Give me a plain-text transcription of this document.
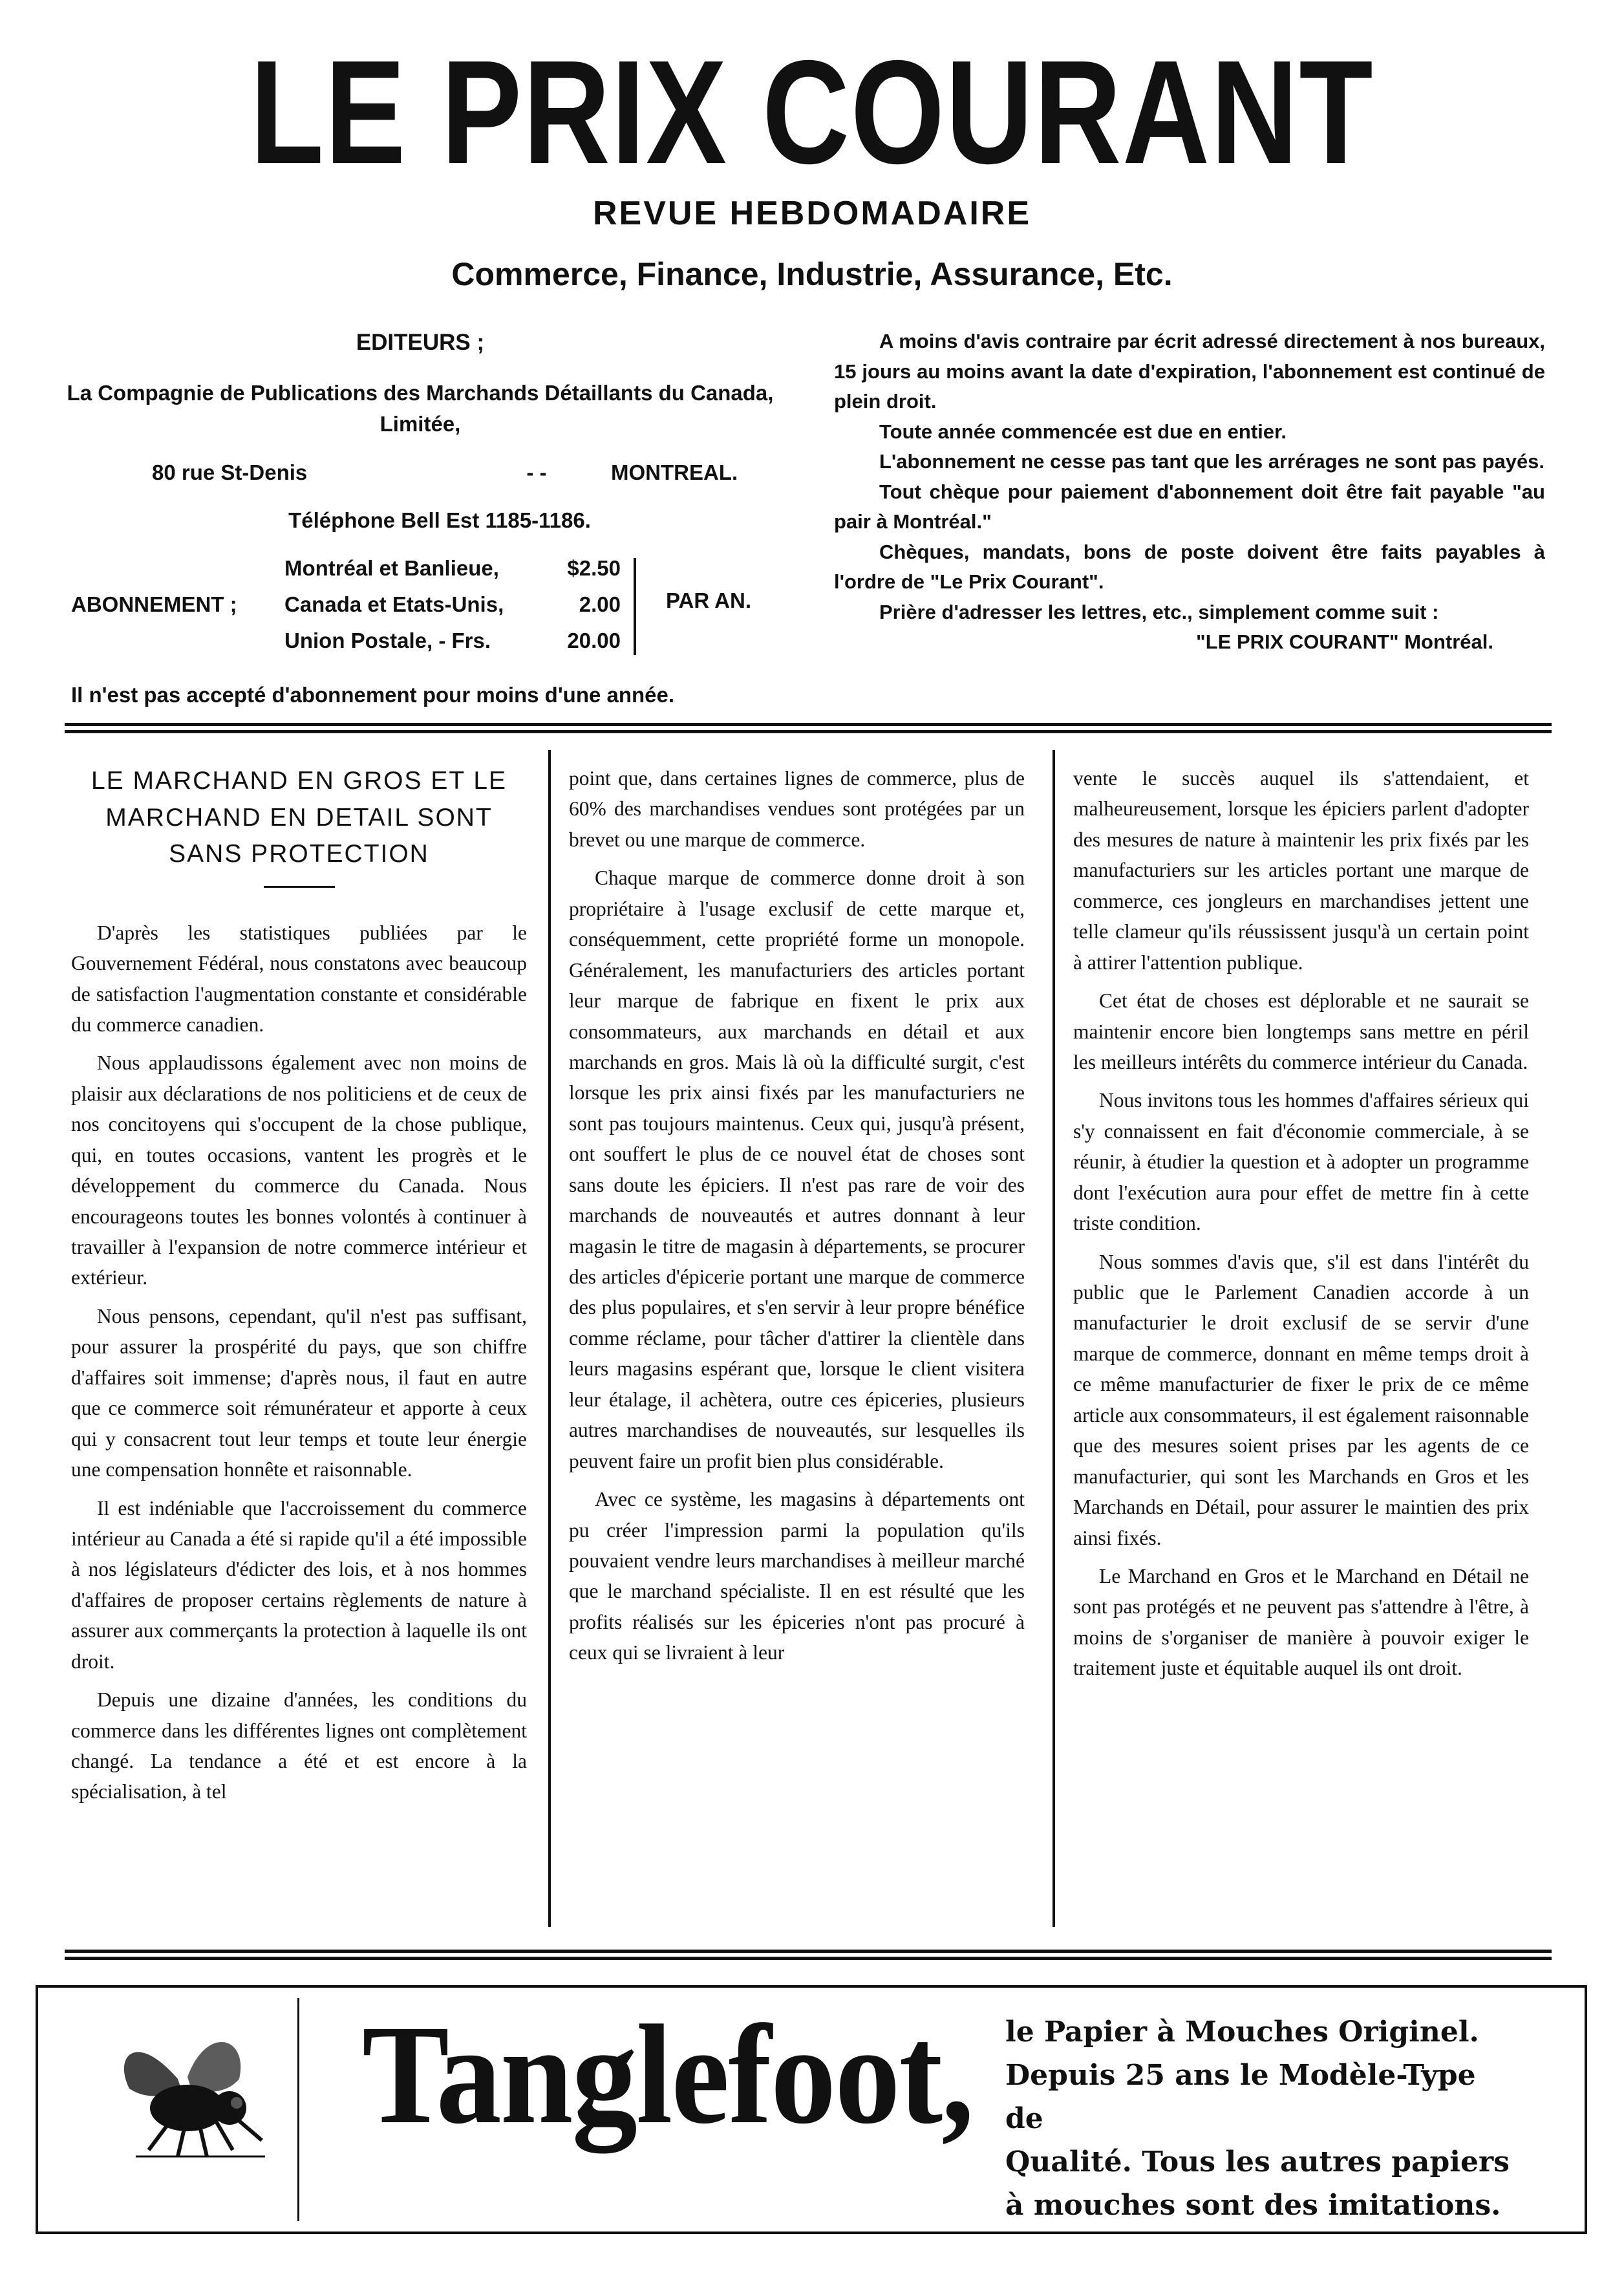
LE PRIX COURANT
REVUE HEBDOMADAIRE
Commerce, Finance, Industrie, Assurance, Etc.
EDITEURS ;
La Compagnie de Publications des Marchands Détaillants du Canada, Limitée,
80 rue St-Denis	- -	MONTREAL.
Téléphone Bell Est 1185-1186.
ABONNEMENT ;
Montréal et Banlieue,	$2.50
Canada et Etats-Unis,	2.00
Union Postale, - Frs.	20.00
PAR AN.
Il n'est pas accepté d'abonnement pour moins d'une année.

A moins d'avis contraire par écrit adressé directement à nos bureaux, 15 jours au moins avant la date d'expiration, l'abonnement est continué de plein droit.

Toute année commencée est due en entier.

L'abonnement ne cesse pas tant que les arrérages ne sont pas payés.

Tout chèque pour paiement d'abonnement doit être fait payable "au pair à Montréal."

Chèques, mandats, bons de poste doivent être faits payables à l'ordre de "Le Prix Courant".

Prière d'adresser les lettres, etc., simplement comme suit :

"LE PRIX COURANT" Montréal.
LE MARCHAND EN GROS ET LE MARCHAND EN DETAIL SONT SANS PROTECTION

D'après les statistiques publiées par le Gouvernement Fédéral, nous constatons avec beaucoup de satisfaction l'augmentation constante et considérable du commerce canadien.

Nous applaudissons également avec non moins de plaisir aux déclarations de nos politiciens et de ceux de nos concitoyens qui s'occupent de la chose publique, qui, en toutes occasions, vantent les progrès et le développement du commerce du Canada. Nous encourageons toutes les bonnes volontés à continuer à travailler à l'expansion de notre commerce intérieur et extérieur.

Nous pensons, cependant, qu'il n'est pas suffisant, pour assurer la prospérité du pays, que son chiffre d'affaires soit immense; d'après nous, il faut en autre que ce commerce soit rémunérateur et apporte à ceux qui y consacrent tout leur temps et toute leur énergie une compensation honnête et raisonnable.

Il est indéniable que l'accroissement du commerce intérieur au Canada a été si rapide qu'il a été impossible à nos législateurs d'édicter des lois, et à nos hommes d'affaires de proposer certains règlements de nature à assurer aux commerçants la protection à laquelle ils ont droit.

Depuis une dizaine d'années, les conditions du commerce dans les différentes lignes ont complètement changé. La tendance a été et est encore à la spécialisation, à tel

point que, dans certaines lignes de commerce, plus de 60% des marchandises vendues sont protégées par un brevet ou une marque de commerce.

Chaque marque de commerce donne droit à son propriétaire à l'usage exclusif de cette marque et, conséquemment, cette propriété forme un monopole. Généralement, les manufacturiers des articles portant leur marque de fabrique en fixent le prix aux consommateurs, aux marchands en détail et aux marchands en gros. Mais là où la difficulté surgit, c'est lorsque les prix ainsi fixés par les manufacturiers ne sont pas toujours maintenus. Ceux qui, jusqu'à présent, ont souffert le plus de ce nouvel état de choses sont sans doute les épiciers. Il n'est pas rare de voir des marchands de nouveautés et autres donnant à leur magasin le titre de magasin à départements, se procurer des articles d'épicerie portant une marque de commerce des plus populaires, et s'en servir à leur propre bénéfice comme réclame, pour tâcher d'attirer la clientèle dans leurs magasins espérant que, lorsque le client visitera leur étalage, il achètera, outre ces épiceries, plusieurs autres marchandises de nouveautés, sur lesquelles ils peuvent faire un profit bien plus considérable.

Avec ce système, les magasins à départements ont pu créer l'impression parmi la population qu'ils pouvaient vendre leurs marchandises à meilleur marché que le marchand spécialiste. Il en est résulté que les profits réalisés sur les épiceries n'ont pas procuré à ceux qui se livraient à leur

vente le succès auquel ils s'attendaient, et malheureusement, lorsque les épiciers parlent d'adopter des mesures de nature à maintenir les prix fixés par les manufacturiers sur les articles portant une marque de commerce, ces jongleurs en marchandises jettent une telle clameur qu'ils réussissent jusqu'à un certain point à attirer l'attention publique.

Cet état de choses est déplorable et ne saurait se maintenir encore bien longtemps sans mettre en péril les meilleurs intérêts du commerce intérieur du Canada.

Nous invitons tous les hommes d'affaires sérieux qui s'y connaissent en fait d'économie commerciale, à se réunir, à étudier la question et à adopter un programme dont l'exécution aura pour effet de mettre fin à cette triste condition.

Nous sommes d'avis que, s'il est dans l'intérêt du public que le Parlement Canadien accorde à un manufacturier le droit exclusif de se servir d'une marque de commerce, donnant en même temps droit à ce même manufacturier de fixer le prix de ce même article aux consommateurs, il est également raisonnable que des mesures soient prises par les agents de ce manufacturier, qui sont les Marchands en Gros et les Marchands en Détail, pour assurer le maintien des prix ainsi fixés.

Le Marchand en Gros et le Marchand en Détail ne sont pas protégés et ne peuvent pas s'attendre à l'être, à moins de s'organiser de manière à pouvoir exiger le traitement juste et équitable auquel ils ont droit.

Tanglefoot, le Papier à Mouches Originel.
Depuis 25 ans le Modèle-Type de
Qualité. Tous les autres papiers
à mouches sont des imitations.
